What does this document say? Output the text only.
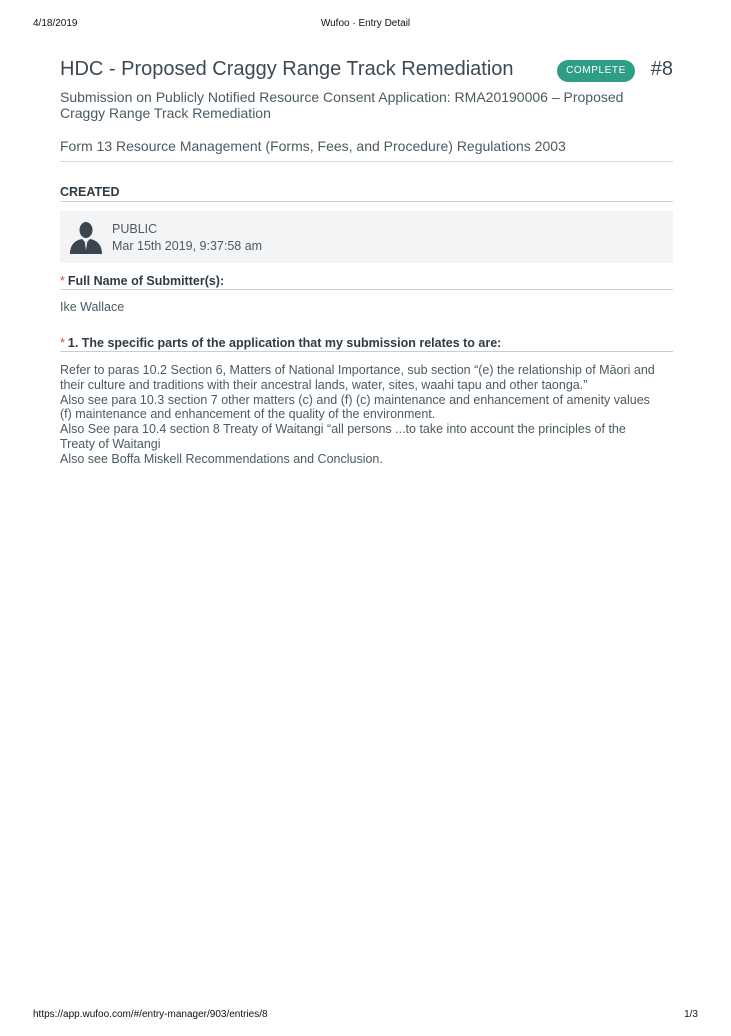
4/18/2019	Wufoo · Entry Detail
HDC - Proposed Craggy Range Track Remediation	COMPLETE	#8
Submission on Publicly Notified Resource Consent Application: RMA20190006 – Proposed
Craggy Range Track Remediation
Form 13 Resource Management (Forms, Fees, and Procedure) Regulations 2003
CREATED
PUBLIC
Mar 15th 2019, 9:37:58 am
* Full Name of Submitter(s):
Ike Wallace
* 1. The specific parts of the application that my submission relates to are:
Refer to paras 10.2 Section 6, Matters of National Importance, sub section “(e) the relationship of Māori and
their culture and traditions with their ancestral lands, water, sites, waahi tapu and other taonga.”
Also see para 10.3 section 7 other matters (c) and (f) (c) maintenance and enhancement of amenity values
(f) maintenance and enhancement of the quality of the environment.
Also See para 10.4 section 8 Treaty of Waitangi “all persons ...to take into account the principles of the
Treaty of Waitangi
Also see Boffa Miskell Recommendations and Conclusion.
https://app.wufoo.com/#/entry-manager/903/entries/8	1/3
